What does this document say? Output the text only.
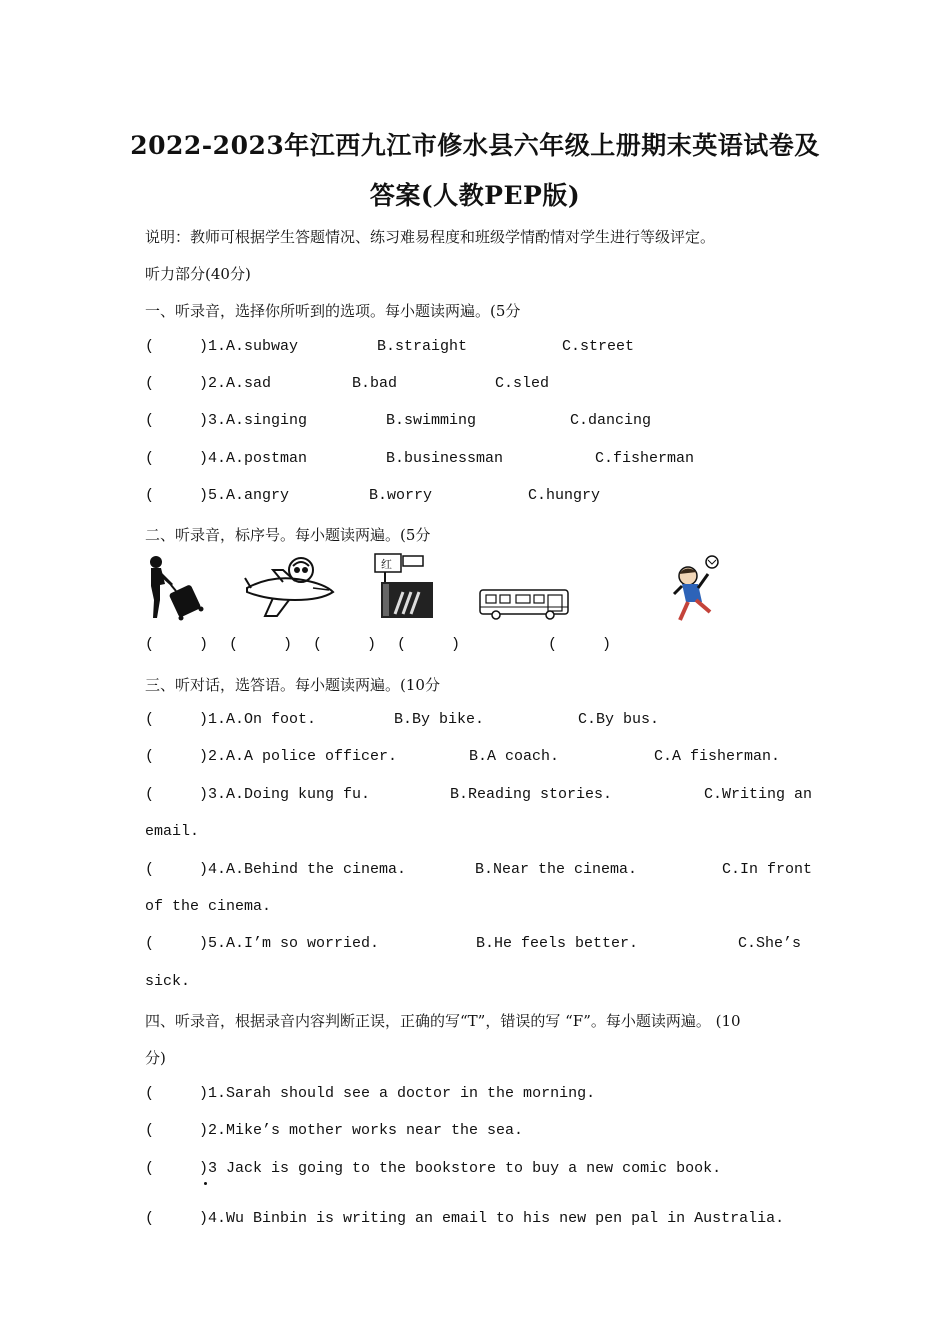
2022-2023年江西九江市修水县六年级上册期末英语试卷及
答案(人教PEP版)
说明：教师可根据学生答题情况、练习难易程度和班级学情酌情对学生进行等级评定。
听力部分(40分)
一、听录音，选择你所听到的选项。每小题读两遍。(5分
(     )1.A.subway	B.straight	C.street
(     )2.A.sad	B.bad	C.sled
(     )3.A.singing	B.swimming	C.dancing
(     )4.A.postman	B.businessman	C.fisherman
(     )5.A.angry	B.worry	C.hungry
二、听录音，标序号。每小题读两遍。(5分
红
(     ) (     ) (     ) (     )	(     )
三、听对话，选答语。每小题读两遍。(10分
(     )1.A.On foot.	B.By bike.	C.By bus.
(     )2.A.A police officer.	B.A coach.	C.A fisherman.
(     )3.A.Doing kung fu.	B.Reading stories.	C.Writing an
email.
(     )4.A.Behind the cinema.	B.Near the cinema.	C.In front
of the cinema.
(     )5.A.I’m so worried.	B.He feels better.	C.She’s
sick.
四、听录音，根据录音内容判断正误，正确的写“T”，错误的写 “F”。每小题读两遍。 (10
分)
(     )1.Sarah should see a doctor in the morning.
(     )2.Mike’s mother works near the sea.
(     )3 Jack is going to the bookstore to buy a new comic book.
(     )4.Wu Binbin is writing an email to his new pen pal in Australia.
